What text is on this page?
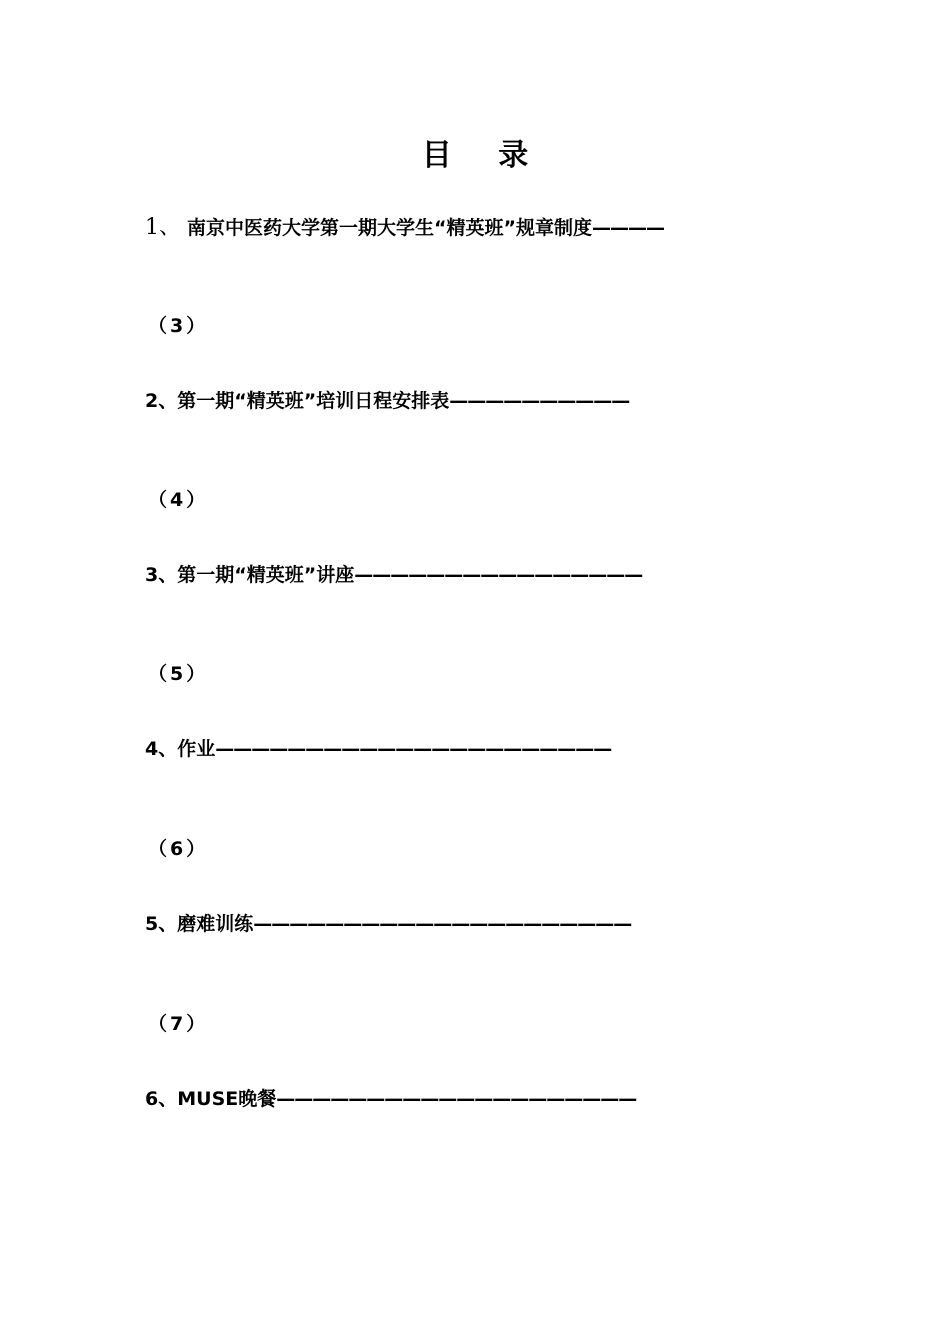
目 录
1、 南京中医药大学第一期大学生“精英班”规章制度————
（3）
2、第一期“精英班”培训日程安排表——————————
（4）
3、第一期“精英班”讲座————————————————
（5）
4、作业——————————————————————
（6）
5、磨难训练—————————————————————
（7）
6、MUSE晚餐————————————————————
